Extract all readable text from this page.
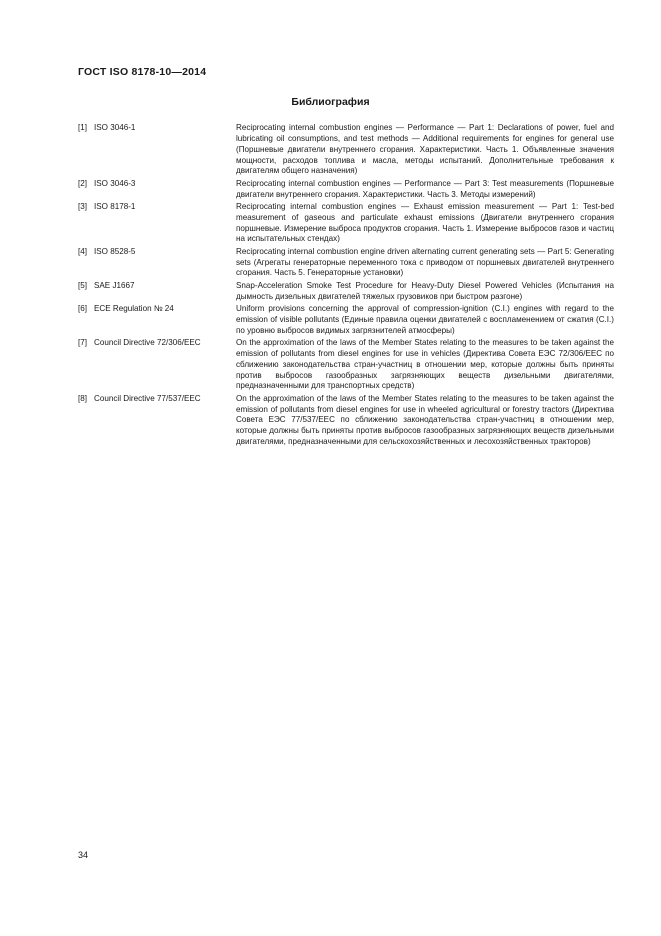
ГОСТ ISO 8178-10—2014
Библиография
[1] ISO 3046-1	Reciprocating internal combustion engines — Performance — Part 1: Declarations of power, fuel and lubricating oil consumptions, and test methods — Additional requirements for engines for general use (Поршневые двигатели внутреннего сгорания. Характеристики. Часть 1. Объявленные значения мощности, расходов топлива и масла, методы испытаний. Дополнительные требования к двигателям общего назначения)
[2] ISO 3046-3	Reciprocating internal combustion engines — Performance — Part 3: Test measurements (Поршневые двигатели внутреннего сгорания. Характеристики. Часть 3. Методы измерений)
[3] ISO 8178-1	Reciprocating internal combustion engines — Exhaust emission measurement — Part 1: Test-bed measurement of gaseous and particulate exhaust emissions (Двигатели внутреннего сгорания поршневые. Измерение выброса продуктов сгорания. Часть 1. Измерение выбросов газов и частиц на испытательных стендах)
[4] ISO 8528-5	Reciprocating internal combustion engine driven alternating current generating sets — Part 5: Generating sets (Агрегаты генераторные переменного тока с приводом от поршневых двигателей внутреннего сгорания. Часть 5. Генераторные установки)
[5] SAE J1667	Snap-Acceleration Smoke Test Procedure for Heavy-Duty Diesel Powered Vehicles (Испытания на дымность дизельных двигателей тяжелых грузовиков при быстром разгоне)
[6] ECE Regulation № 24	Uniform provisions concerning the approval of compression-ignition (C.I.) engines with regard to the emission of visible pollutants (Единые правила оценки двигателей с воспламенением от сжатия (C.I.) по уровню выбросов видимых загрязнителей атмосферы)
[7] Council Directive 72/306/EEC	On the approximation of the laws of the Member States relating to the measures to be taken against the emission of pollutants from diesel engines for use in vehicles (Директива Совета ЕЭС 72/306/EEC по сближению законодательства стран-участниц в отношении мер, которые должны быть приняты против выбросов газообразных загрязняющих веществ дизельными двигателями, предназначенными для транспортных средств)
[8] Council Directive 77/537/EEC	On the approximation of the laws of the Member States relating to the measures to be taken against the emission of pollutants from diesel engines for use in wheeled agricultural or forestry tractors (Директива Совета ЕЭС 77/537/EEC по сближению законодательства стран-участниц в отношении мер, которые должны быть приняты против выбросов газообразных загрязняющих веществ дизельными двигателями, предназначенными для сельскохозяйственных и лесохозяйственных тракторов)
34
